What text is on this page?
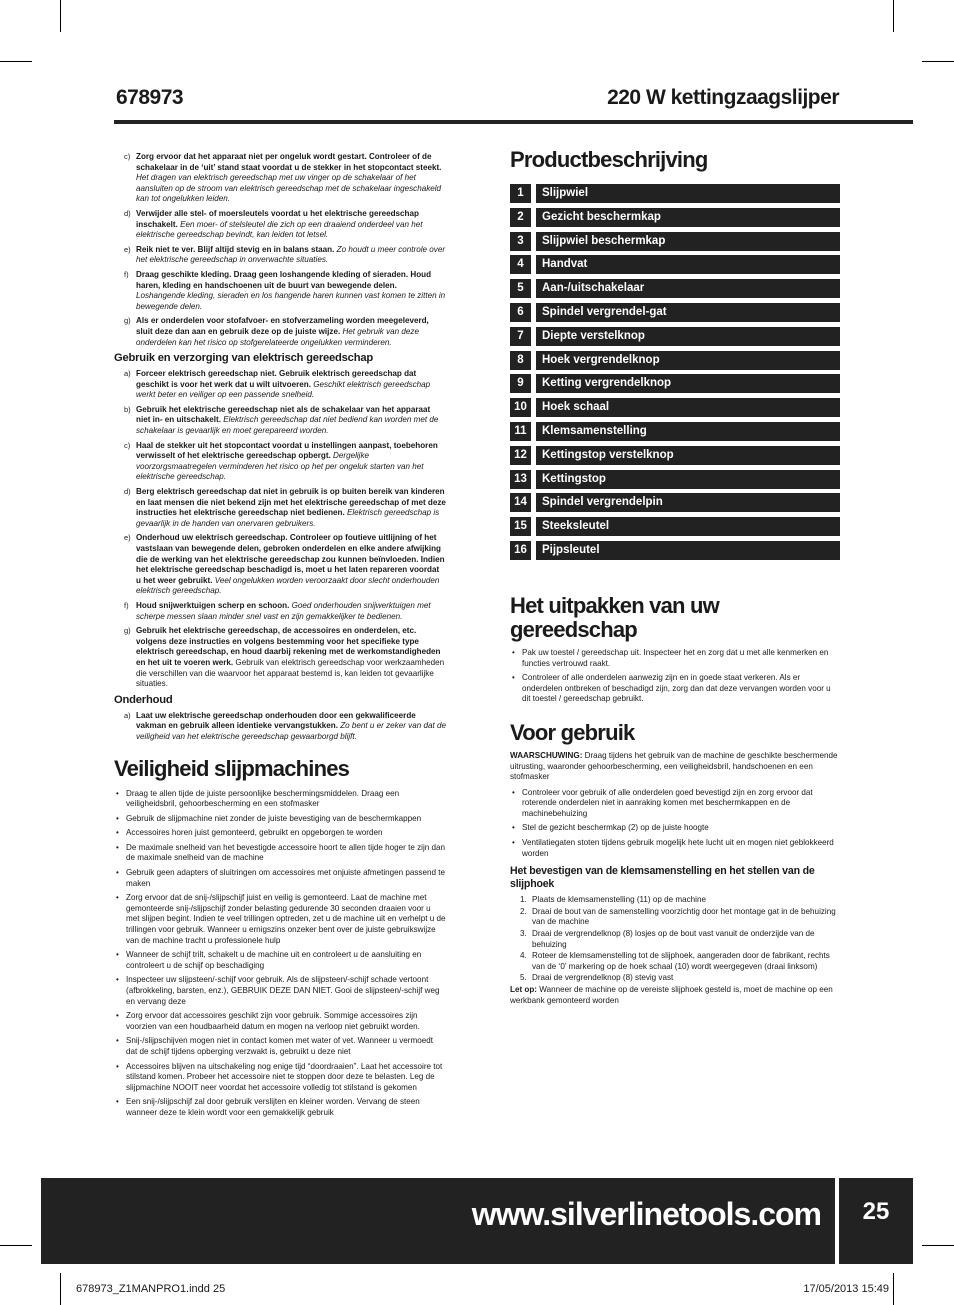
678973	220 W kettingzaagslijper
c) Zorg ervoor dat het apparaat niet per ongeluk wordt gestart. Controleer of de schakelaar in de ‘uit’ stand staat voordat u de stekker in het stopcontact steekt. Het dragen van elektrisch gereedschap met uw vinger op de schakelaar of het aansluiten op de stroom van elektrisch gereedschap met de schakelaar ingeschakeld kan tot ongelukken leiden.
d) Verwijder alle stel- of moersleutels voordat u het elektrische gereedschap inschakelt. Een moer- of stelsleutel die zich op een draaiend onderdeel van het elektrische gereedschap bevindt, kan leiden tot letsel.
e) Reik niet te ver. Blijf altijd stevig en in balans staan. Zo houdt u meer controle over het elektrische gereedschap in onverwachte situaties.
f) Draag geschikte kleding. Draag geen loshangende kleding of sieraden. Houd haren, kleding en handschoenen uit de buurt van bewegende delen. Loshangende kleding, sieraden en los hangende haren kunnen vast komen te zitten in bewegende delen.
g) Als er onderdelen voor stofafvoer- en stofverzameling worden meegeleverd, sluit deze dan aan en gebruik deze op de juiste wijze. Het gebruik van deze onderdelen kan het risico op stofgerelateerde ongelukken verminderen.
Gebruik en verzorging van elektrisch gereedschap
a) Forceer elektrisch gereedschap niet. Gebruik elektrisch gereedschap dat geschikt is voor het werk dat u wilt uitvoeren. Geschikt elektrisch gereedschap werkt beter en veiliger op een passende snelheid.
b) Gebruik het elektrische gereedschap niet als de schakelaar van het apparaat niet in- en uitschakelt. Elektrisch gereedschap dat niet bediend kan worden met de schakelaar is gevaarlijk en moet gerepareerd worden.
c) Haal de stekker uit het stopcontact voordat u instellingen aanpast, toebehoren verwisselt of het elektrische gereedschap opbergt. Dergelijke voorzorgsmaatregelen verminderen het risico op het per ongeluk starten van het elektrische gereedschap.
d) Berg elektrisch gereedschap dat niet in gebruik is op buiten bereik van kinderen en laat mensen die niet bekend zijn met het elektrische gereedschap of met deze instructies het elektrische gereedschap niet bedienen. Elektrisch gereedschap is gevaarlijk in de handen van onervaren gebruikers.
e) Onderhoud uw elektrisch gereedschap. Controleer op foutieve uitlijning of het vastslaan van bewegende delen, gebroken onderdelen en elke andere afwijking die de werking van het elektrische gereedschap zou kunnen beïnvloeden. Indien het elektrische gereedschap beschadigd is, moet u het laten repareren voordat u het weer gebruikt. Veel ongelukken worden veroorzaakt door slecht onderhouden elektrisch gereedschap.
f) Houd snijwerktuigen scherp en schoon. Goed onderhouden snijwerktuigen met scherpe messen slaan minder snel vast en zijn gemakkelijker te bedienen.
g) Gebruik het elektrische gereedschap, de accessoires en onderdelen, etc. volgens deze instructies en volgens bestemming voor het specifieke type elektrisch gereedschap, en houd daarbij rekening met de werkomstandigheden en het uit te voeren werk. Gebruik van elektrisch gereedschap voor werkzaamheden die verschillen van die waarvoor het apparaat bestemd is, kan leiden tot gevaarlijke situaties.
Onderhoud
a) Laat uw elektrische gereedschap onderhouden door een gekwalificeerde vakman en gebruik alleen identieke vervangstukken. Zo bent u er zeker van dat de veiligheid van het elektrische gereedschap gewaarborgd blijft.
Veiligheid slijpmachines
• Draag te allen tijde de juiste persoonlijke beschermingsmiddelen. Draag een veiligheidsbril, gehoorbescherming en een stofmasker
• Gebruik de slijpmachine niet zonder de juiste bevestiging van de beschermkappen
• Accessoires horen juist gemonteerd, gebruikt en opgeborgen te worden
• De maximale snelheid van het bevestigde accessoire hoort te allen tijde hoger te zijn dan de maximale snelheid van de machine
• Gebruik geen adapters of sluitringen om accessoires met onjuiste afmetingen passend te maken
• Zorg ervoor dat de snij-/slijpschijf juist en veilig is gemonteerd. Laat de machine met gemonteerde snij-/slijpschijf zonder belasting gedurende 30 seconden draaien voor u met slijpen begint. Indien te veel trillingen optreden, zet u de machine uit en verhelpt u de trillingen voor gebruik. Wanneer u ernigszins onzeker bent over de juiste gebruikswijze van de machine tracht u professionele hulp
• Wanneer de schijf trilt, schakelt u de machine uit en controleert u de aansluiting en controleert u de schijf op beschadiging
• Inspecteer uw slijpsteen/-schijf voor gebruik. Als de slijpsteen/-schijf schade vertoont (afbrokkeling, barsten, enz.), GEBRUIK DEZE DAN NIET. Gooi de slijpsteen/-schijf weg en vervang deze
• Zorg ervoor dat accessoires geschikt zijn voor gebruik. Sommige accessoires zijn voorzien van een houdbaarheid datum en mogen na verloop niet gebruikt worden.
• Snij-/slijpschijven mogen niet in contact komen met water of vet. Wanneer u vermoedt dat de schijf tijdens opberging verzwakt is, gebruikt u deze niet
• Accessoires blijven na uitschakeling nog enige tijd “doordraaien”. Laat het accessoire tot stilstand komen. Probeer het accessoire niet te stoppen door deze te belasten. Leg de slijpmachine NOOIT neer voordat het accessoire volledig tot stilstand is gekomen
• Een snij-/slijpschijf zal door gebruik verslijten en kleiner worden. Vervang de steen wanneer deze te klein wordt voor een gemakkelijk gebruik
Productbeschrijving
1	Slijpwiel
2	Gezicht beschermkap
3	Slijpwiel beschermkap
4	Handvat
5	Aan-/uitschakelaar
6	Spindel vergrendel-gat
7	Diepte verstelknop
8	Hoek vergrendelknop
9	Ketting vergrendelknop
10	Hoek schaal
11	Klemsamenstelling
12	Kettingstop verstelknop
13	Kettingstop
14	Spindel vergrendelpin
15	Steeksleutel
16	Pijpsleutel
Het uitpakken van uw gereedschap
• Pak uw toestel / gereedschap uit. Inspecteer het en zorg dat u met alle kenmerken en functies vertrouwd raakt.
• Controleer of alle onderdelen aanwezig zijn en in goede staat verkeren. Als er onderdelen ontbreken of beschadigd zijn, zorg dan dat deze vervangen worden voor u dit toestel / gereedschap gebruikt.
Voor gebruik

WAARSCHUWING: Draag tijdens het gebruik van de machine de geschikte beschermende uitrusting, waaronder gehoorbescherming, een veiligheidsbril, handschoenen en een stofmasker

• Controleer voor gebruik of alle onderdelen goed bevestigd zijn en zorg ervoor dat roterende onderdelen niet in aanraking komen met beschermkappen en de machinebehuizing
• Stel de gezicht beschermkap (2) op de juiste hoogte
• Ventilatiegaten stoten tijdens gebruik mogelijk hete lucht uit en mogen niet geblokkeerd worden
Het bevestigen van de klemsamenstelling en het stellen van de slijphoek
1. Plaats de klemsamenstelling (11) op de machine
2. Draai de bout van de samenstelling voorzichtig door het montage gat in de behuizing van de machine
3. Draai de vergrendelknop (8) losjes op de bout vast vanuit de onderzijde van de behuizing
4. Roteer de klemsamenstelling tot de slijphoek, aangeraden door de fabrikant, rechts van de ‘0’ markering op de hoek schaal (10) wordt weergegeven (draai linksom)
5. Draai de vergrendelknop (8) stevig vast

Let op: Wanneer de machine op de vereiste slijphoek gesteld is, moet de machine op een werkbank gemonteerd worden

www.silverlinetools.com	25
678973_Z1MANPRO1.indd 25	17/05/2013 15:49
